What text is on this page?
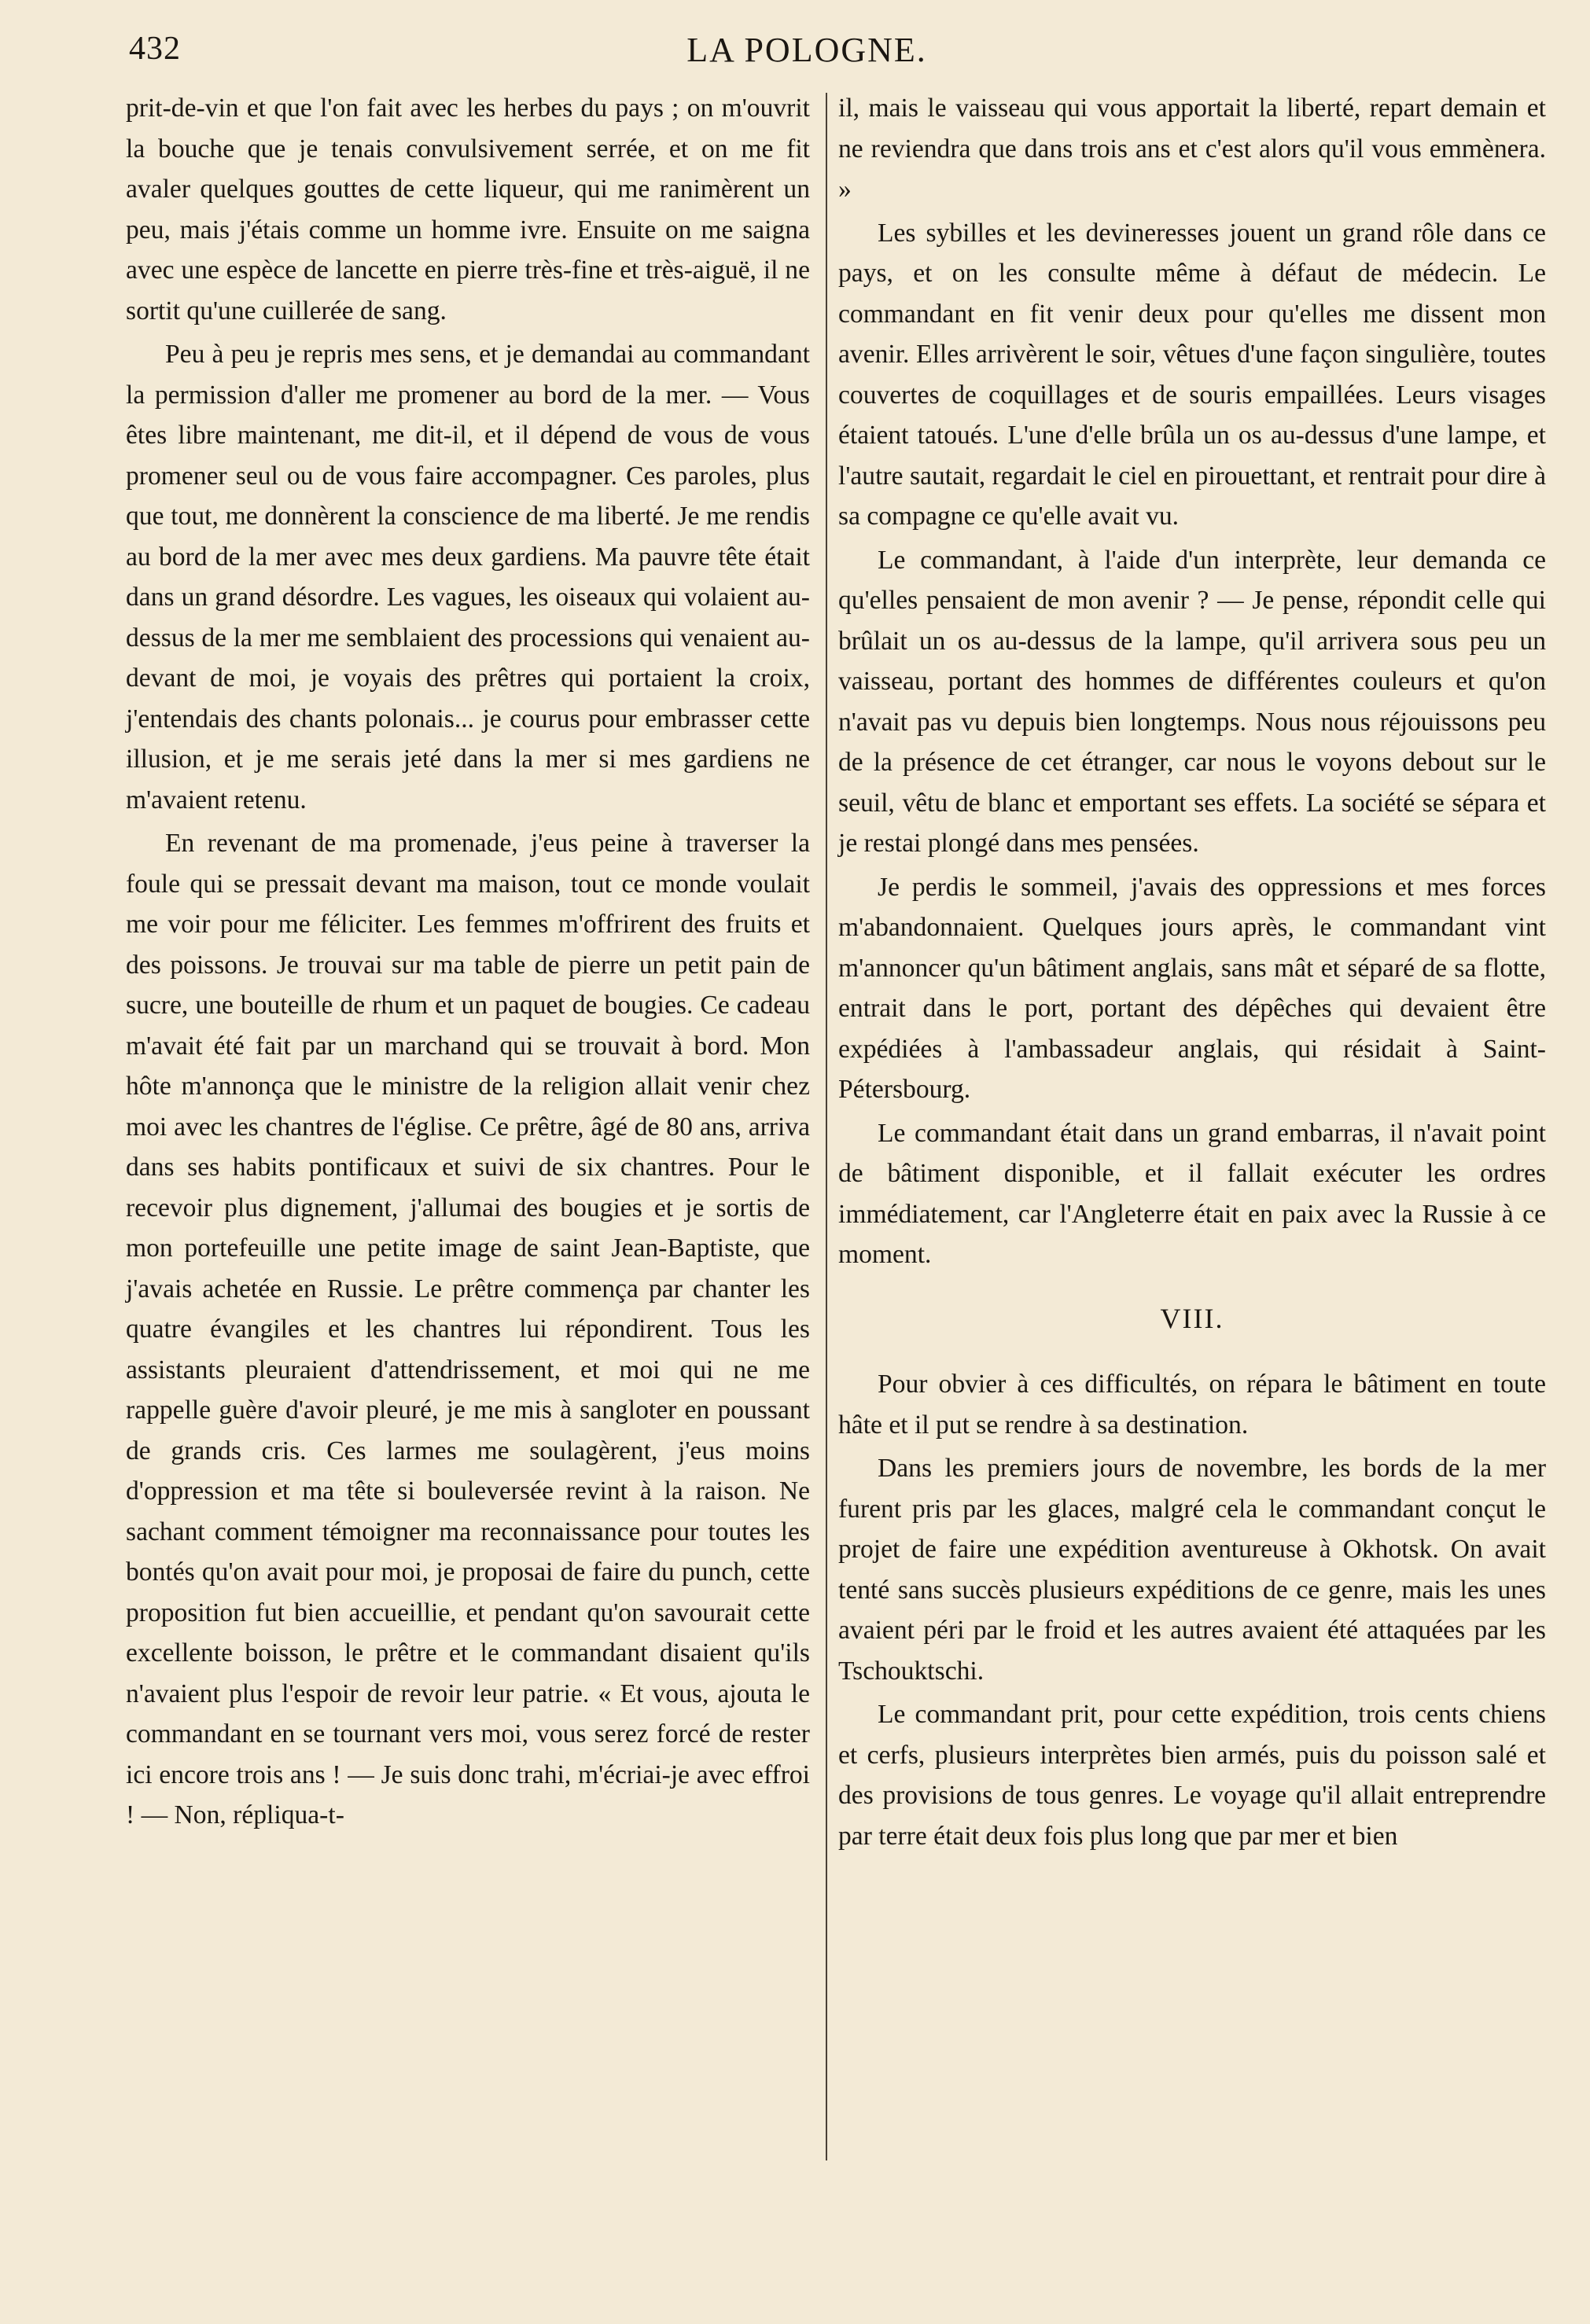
432	LA POLOGNE.

prit-de-vin et que l'on fait avec les herbes du pays ; on m'ouvrit la bouche que je tenais convulsivement serrée, et on me fit avaler quelques gouttes de cette liqueur, qui me ranimèrent un peu, mais j'étais comme un homme ivre. Ensuite on me saigna avec une espèce de lancette en pierre très-fine et très-aiguë, il ne sortit qu'une cuillerée de sang.

Peu à peu je repris mes sens, et je demandai au commandant la permission d'aller me promener au bord de la mer. — Vous êtes libre maintenant, me dit-il, et il dépend de vous de vous promener seul ou de vous faire accompagner. Ces paroles, plus que tout, me donnèrent la conscience de ma liberté. Je me rendis au bord de la mer avec mes deux gardiens. Ma pauvre tête était dans un grand désordre. Les vagues, les oiseaux qui volaient au-dessus de la mer me semblaient des processions qui venaient au-devant de moi, je voyais des prêtres qui portaient la croix, j'entendais des chants polonais... je courus pour embrasser cette illusion, et je me serais jeté dans la mer si mes gardiens ne m'avaient retenu.

En revenant de ma promenade, j'eus peine à traverser la foule qui se pressait devant ma maison, tout ce monde voulait me voir pour me féliciter. Les femmes m'offrirent des fruits et des poissons. Je trouvai sur ma table de pierre un petit pain de sucre, une bouteille de rhum et un paquet de bougies. Ce cadeau m'avait été fait par un marchand qui se trouvait à bord. Mon hôte m'annonça que le ministre de la religion allait venir chez moi avec les chantres de l'église. Ce prêtre, âgé de 80 ans, arriva dans ses habits pontificaux et suivi de six chantres. Pour le recevoir plus dignement, j'allumai des bougies et je sortis de mon portefeuille une petite image de saint Jean-Baptiste, que j'avais achetée en Russie. Le prêtre commença par chanter les quatre évangiles et les chantres lui répondirent. Tous les assistants pleuraient d'attendrissement, et moi qui ne me rappelle guère d'avoir pleuré, je me mis à sangloter en poussant de grands cris. Ces larmes me soulagèrent, j'eus moins d'oppression et ma tête si bouleversée revint à la raison. Ne sachant comment témoigner ma reconnaissance pour toutes les bontés qu'on avait pour moi, je proposai de faire du punch, cette proposition fut bien accueillie, et pendant qu'on savourait cette excellente boisson, le prêtre et le commandant disaient qu'ils n'avaient plus l'espoir de revoir leur patrie. « Et vous, ajouta le commandant en se tournant vers moi, vous serez forcé de rester ici encore trois ans ! — Je suis donc trahi, m'écriai-je avec effroi ! — Non, répliqua-t-

il, mais le vaisseau qui vous apportait la liberté, repart demain et ne reviendra que dans trois ans et c'est alors qu'il vous emmènera. »

Les sybilles et les devineresses jouent un grand rôle dans ce pays, et on les consulte même à défaut de médecin. Le commandant en fit venir deux pour qu'elles me dissent mon avenir. Elles arrivèrent le soir, vêtues d'une façon singulière, toutes couvertes de coquillages et de souris empaillées. Leurs visages étaient tatoués. L'une d'elle brûla un os au-dessus d'une lampe, et l'autre sautait, regardait le ciel en pirouettant, et rentrait pour dire à sa compagne ce qu'elle avait vu.

Le commandant, à l'aide d'un interprète, leur demanda ce qu'elles pensaient de mon avenir ? — Je pense, répondit celle qui brûlait un os au-dessus de la lampe, qu'il arrivera sous peu un vaisseau, portant des hommes de différentes couleurs et qu'on n'avait pas vu depuis bien longtemps. Nous nous réjouissons peu de la présence de cet étranger, car nous le voyons debout sur le seuil, vêtu de blanc et emportant ses effets. La société se sépara et je restai plongé dans mes pensées.

Je perdis le sommeil, j'avais des oppressions et mes forces m'abandonnaient. Quelques jours après, le commandant vint m'annoncer qu'un bâtiment anglais, sans mât et séparé de sa flotte, entrait dans le port, portant des dépêches qui devaient être expédiées à l'ambassadeur anglais, qui résidait à Saint-Pétersbourg.

Le commandant était dans un grand embarras, il n'avait point de bâtiment disponible, et il fallait exécuter les ordres immédiatement, car l'Angleterre était en paix avec la Russie à ce moment.

VIII.

Pour obvier à ces difficultés, on répara le bâtiment en toute hâte et il put se rendre à sa destination.

Dans les premiers jours de novembre, les bords de la mer furent pris par les glaces, malgré cela le commandant conçut le projet de faire une expédition aventureuse à Okhotsk. On avait tenté sans succès plusieurs expéditions de ce genre, mais les unes avaient péri par le froid et les autres avaient été attaquées par les Tschouktschi.

Le commandant prit, pour cette expédition, trois cents chiens et cerfs, plusieurs interprètes bien armés, puis du poisson salé et des provisions de tous genres. Le voyage qu'il allait entreprendre par terre était deux fois plus long que par mer et bien
